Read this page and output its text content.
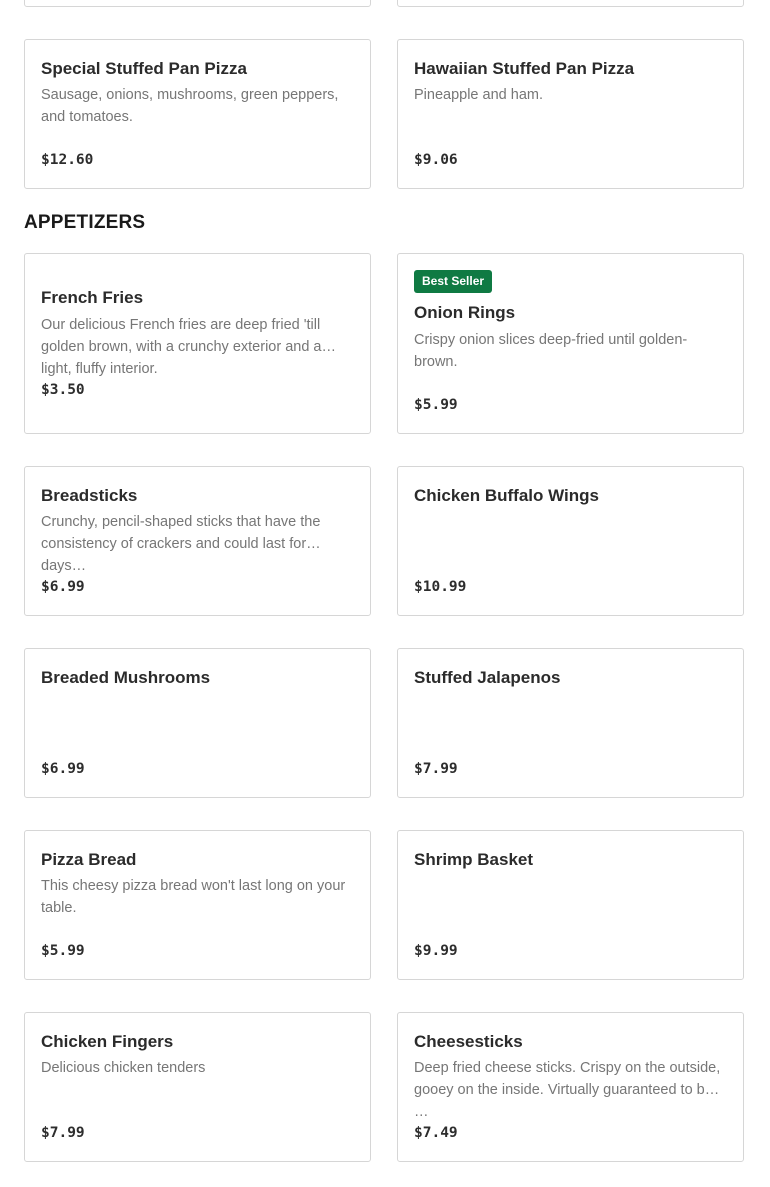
Special Stuffed Pan Pizza
Sausage, onions, mushrooms, green peppers, and tomatoes.
$12.60
Hawaiian Stuffed Pan Pizza
Pineapple and ham.
$9.06
APPETIZERS
French Fries
Our delicious French fries are deep fried 'till golden brown, with a crunchy exterior and a light, fluffy interior.
$3.50
Best Seller
Onion Rings
Crispy onion slices deep-fried until golden-brown.
$5.99
Breadsticks
Crunchy, pencil-shaped sticks that have the consistency of crackers and could last for days…
$6.99
Chicken Buffalo Wings
$10.99
Breaded Mushrooms
$6.99
Stuffed Jalapenos
$7.99
Pizza Bread
This cheesy pizza bread won't last long on your table.
$5.99
Shrimp Basket
$9.99
Chicken Fingers
Delicious chicken tenders
$7.99
Cheesesticks
Deep fried cheese sticks. Crispy on the outside, gooey on the inside. Virtually guaranteed to be …
$7.49
